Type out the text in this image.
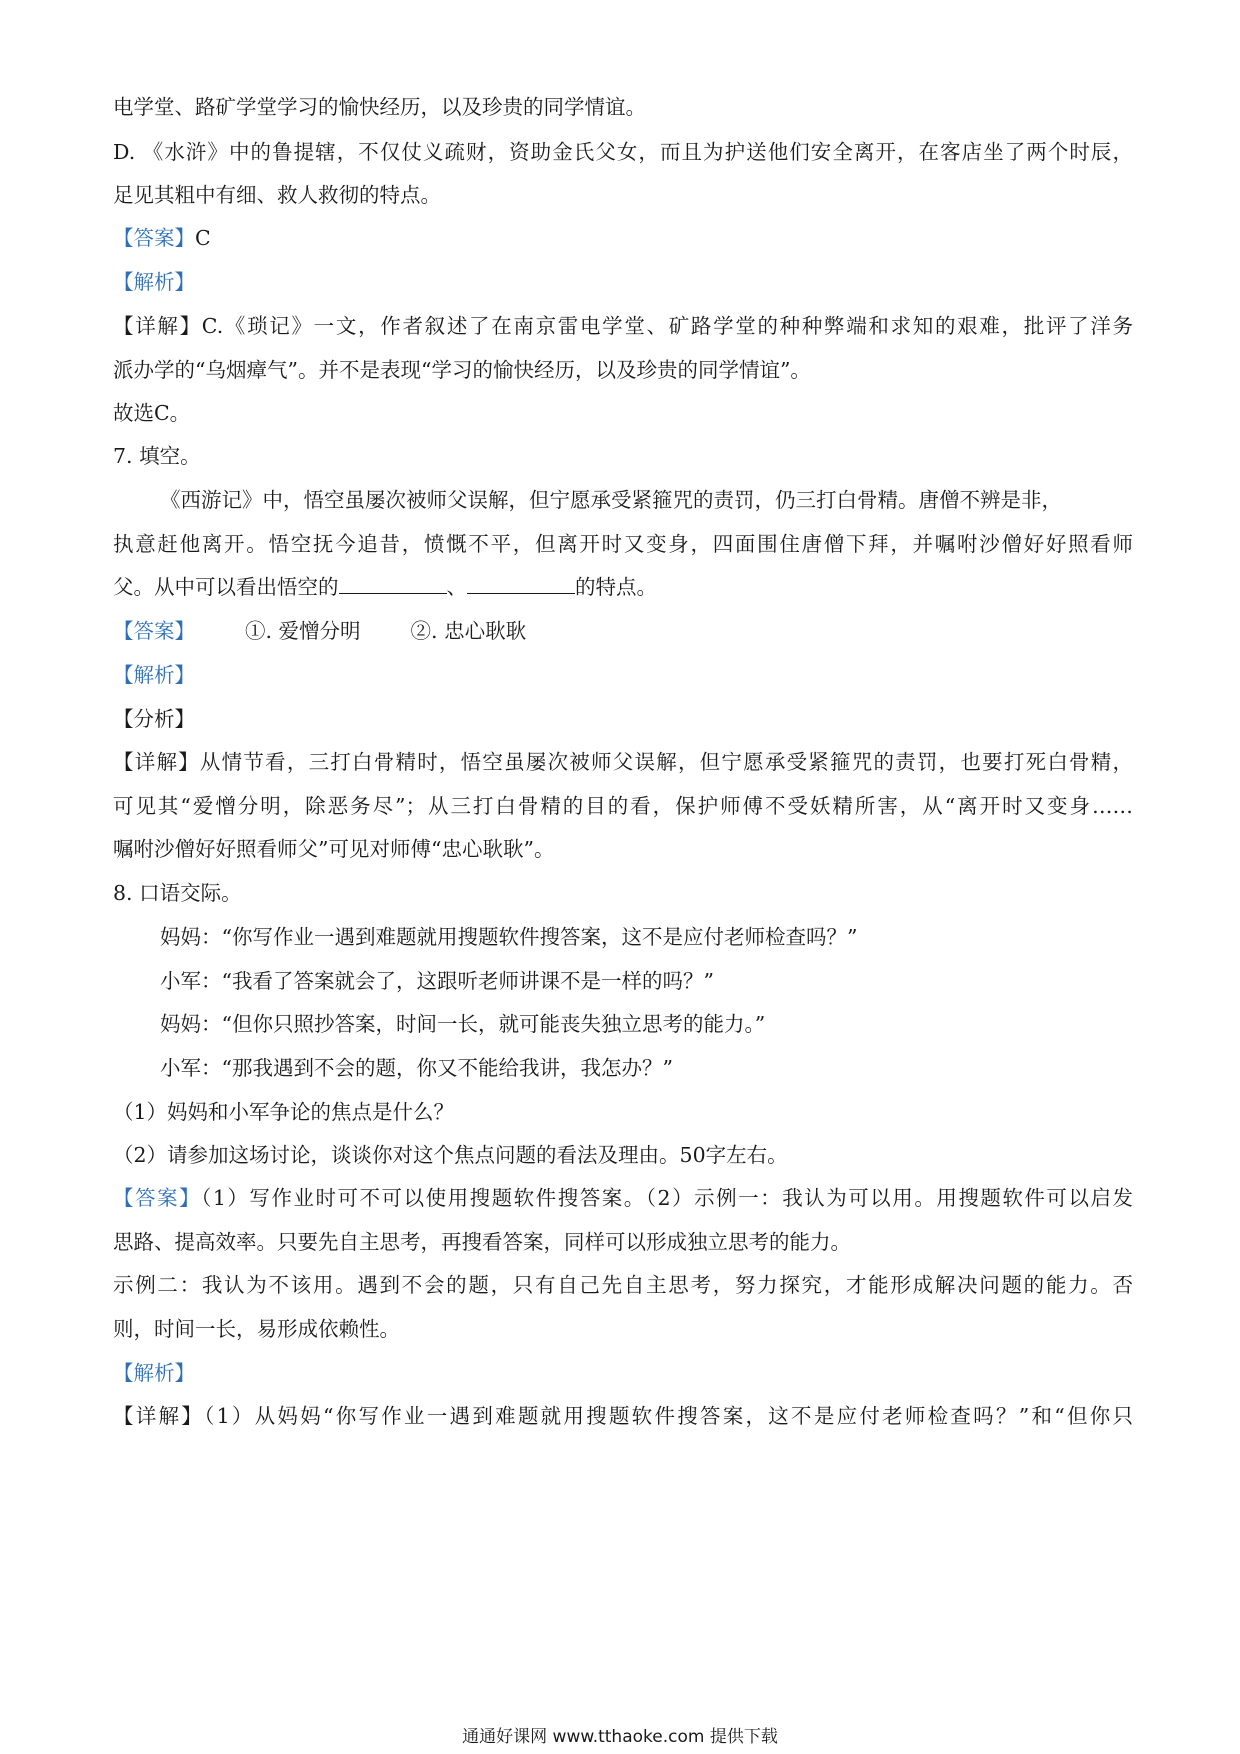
电学堂、路矿学堂学习的愉快经历，以及珍贵的同学情谊。
D. 《水浒》中的鲁提辖，不仅仗义疏财，资助金氏父女，而且为护送他们安全离开，在客店坐了两个时辰，
足见其粗中有细、救人救彻的特点。
【答案】C
【解析】
【详解】C.《琐记》一文，作者叙述了在南京雷电学堂、矿路学堂的种种弊端和求知的艰难，批评了洋务
派办学的“乌烟瘴气”。并不是表现“学习的愉快经历，以及珍贵的同学情谊”。
故选C。
7. 填空。
《西游记》中，悟空虽屡次被师父误解，但宁愿承受紧箍咒的责罚，仍三打白骨精。唐僧不辨是非，
执意赶他离开。悟空抚今追昔，愤慨不平，但离开时又变身，四面围住唐僧下拜，并嘱咐沙僧好好照看师
父。从中可以看出悟空的	、	的特点。
【答案】 ①. 爱憎分明 ②. 忠心耿耿
【解析】
【分析】
【详解】从情节看，三打白骨精时，悟空虽屡次被师父误解，但宁愿承受紧箍咒的责罚，也要打死白骨精，
可见其“爱憎分明，除恶务尽”；从三打白骨精的目的看，保护师傅不受妖精所害，从“离开时又变身……
嘱咐沙僧好好照看师父”可见对师傅“忠心耿耿”。
8. 口语交际。
妈妈：“你写作业一遇到难题就用搜题软件搜答案，这不是应付老师检查吗？”
小军：“我看了答案就会了，这跟听老师讲课不是一样的吗？”
妈妈：“但你只照抄答案，时间一长，就可能丧失独立思考的能力。”
小军：“那我遇到不会的题，你又不能给我讲，我怎办？”
（1）妈妈和小军争论的焦点是什么？
（2）请参加这场讨论，谈谈你对这个焦点问题的看法及理由。50字左右。
【答案】（1）写作业时可不可以使用搜题软件搜答案。（2）示例一：我认为可以用。用搜题软件可以启发
思路、提高效率。只要先自主思考，再搜看答案，同样可以形成独立思考的能力。
示例二：我认为不该用。遇到不会的题，只有自己先自主思考，努力探究，才能形成解决问题的能力。否
则，时间一长，易形成依赖性。
【解析】
【详解】（1）从妈妈“你写作业一遇到难题就用搜题软件搜答案，这不是应付老师检查吗？”和“但你只
通通好课网 www.tthaoke.com 提供下载
